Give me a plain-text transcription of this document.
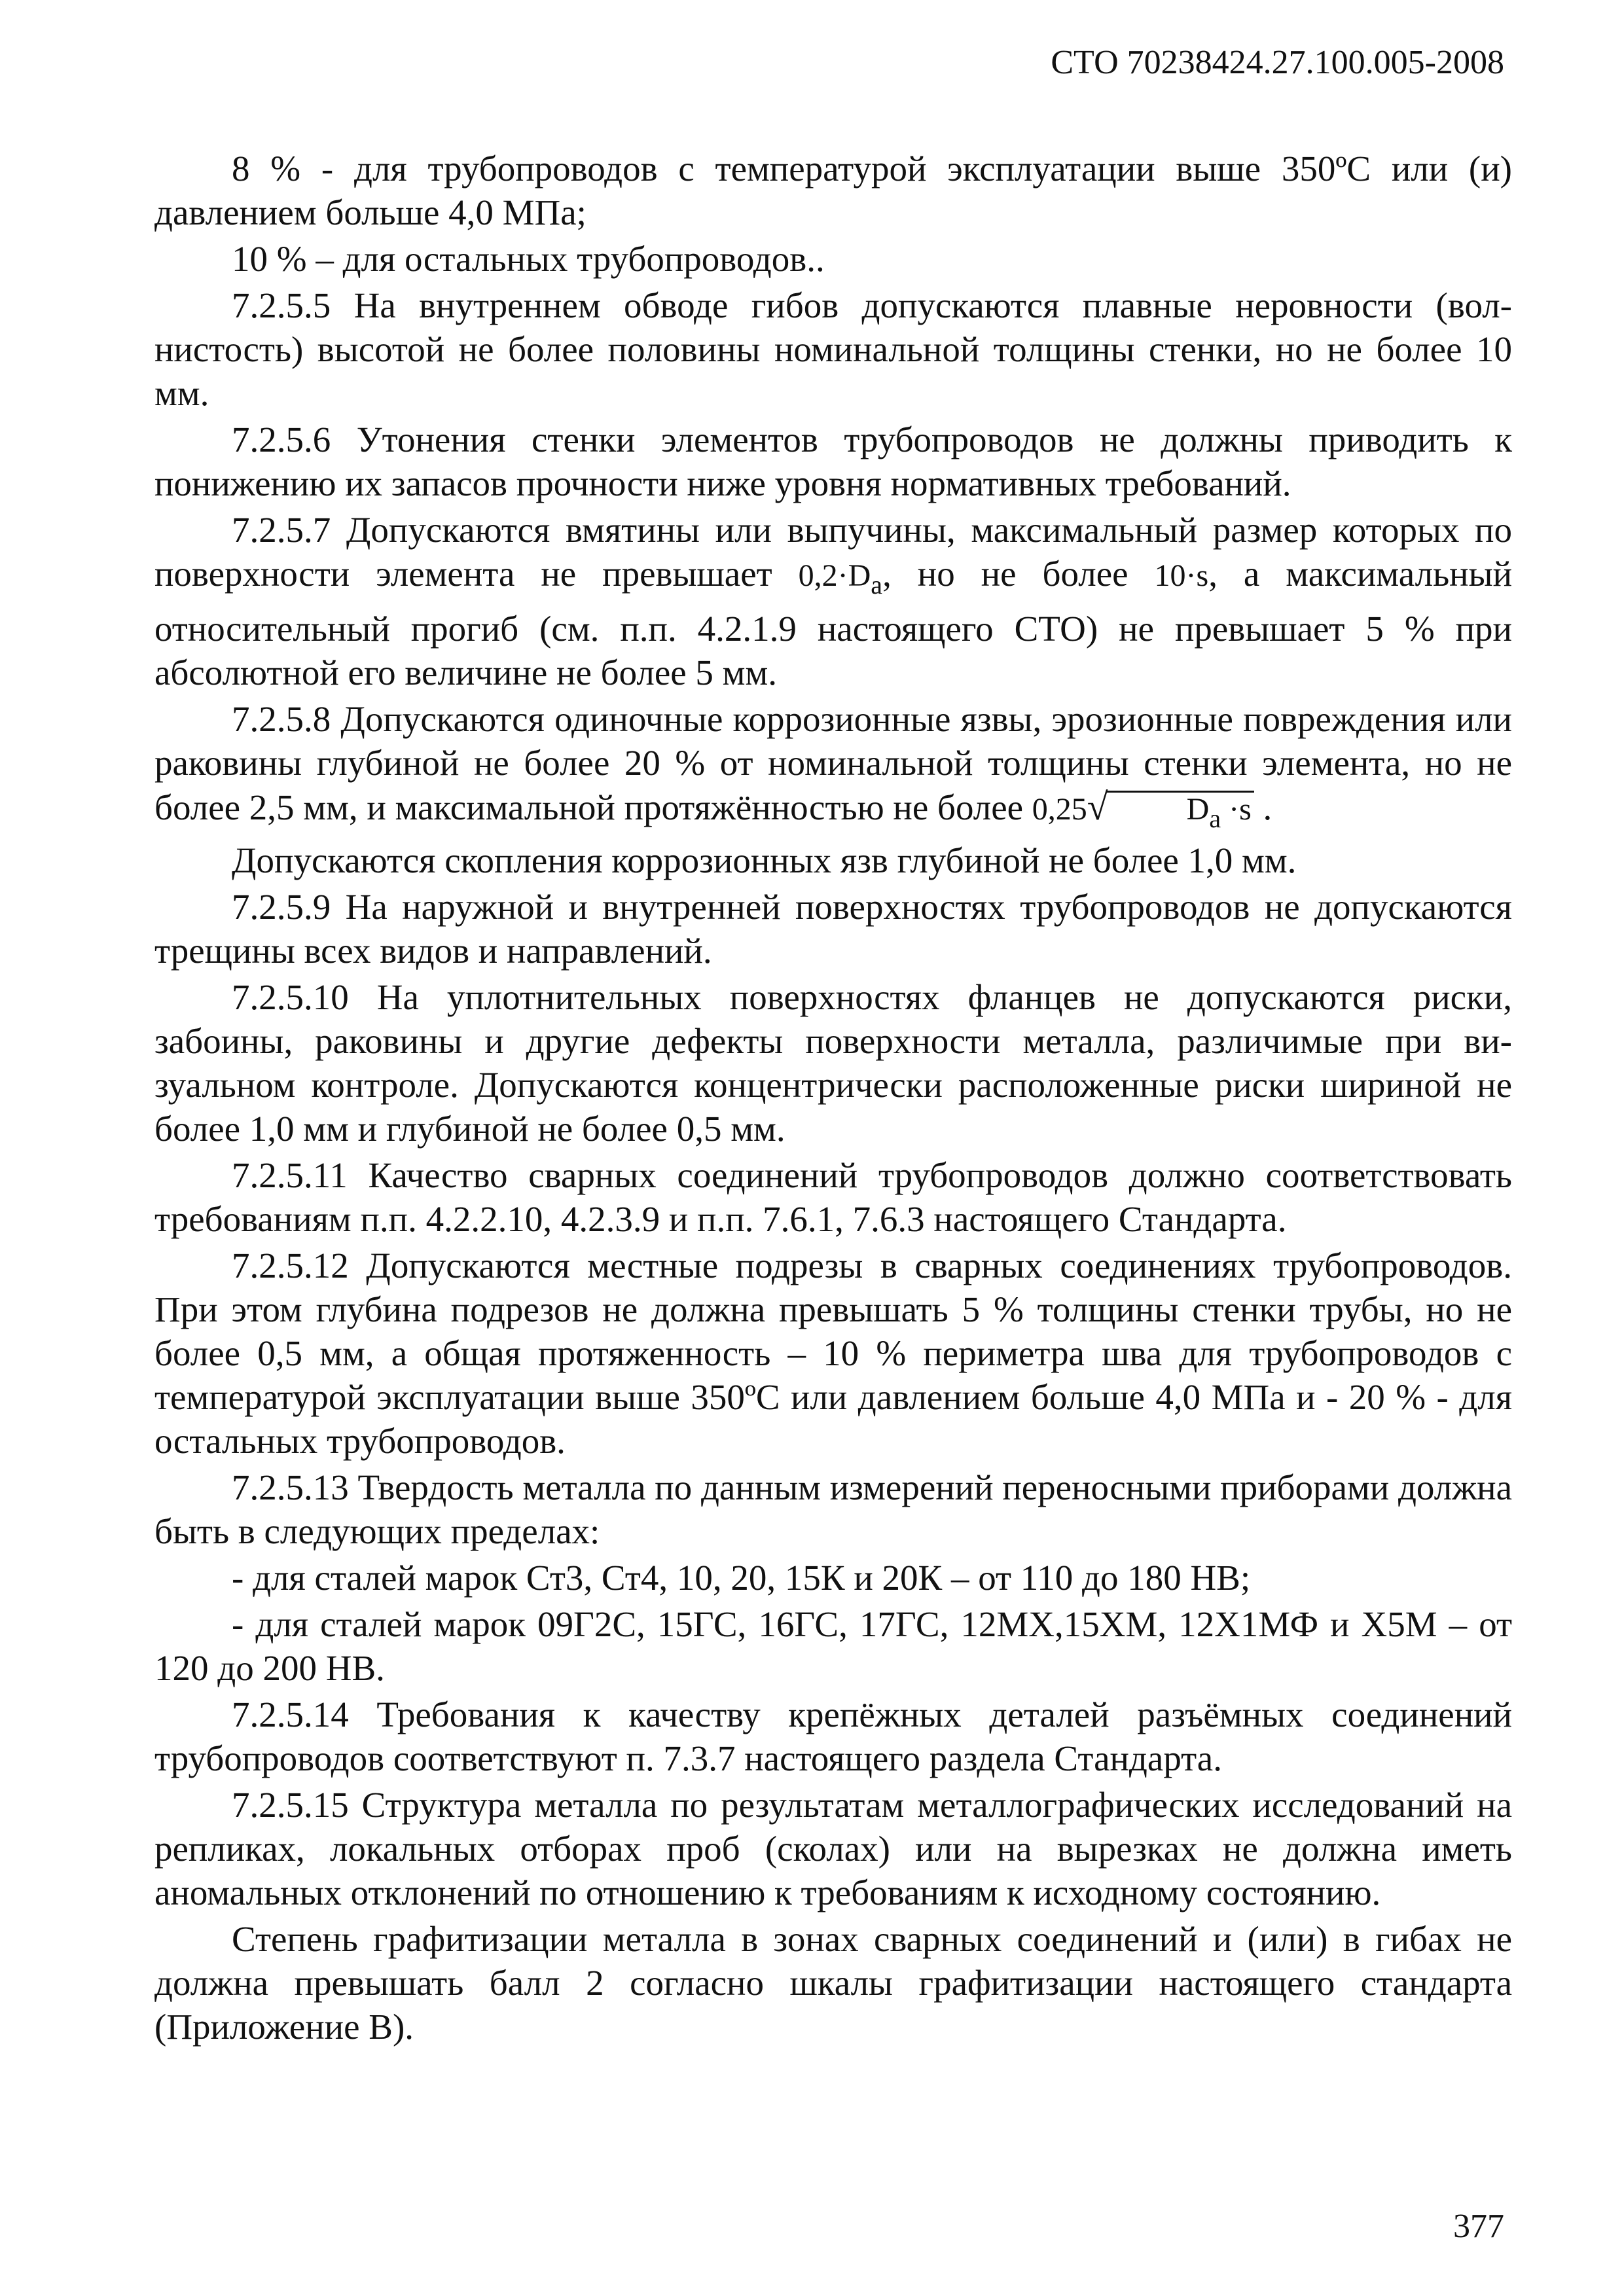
СТО 70238424.27.100.005-2008

8 % - для трубопроводов с температурой эксплуатации выше 350ºС или (и) давлением больше 4,0 МПа;

10 % – для остальных трубопроводов..

7.2.5.5 На внутреннем обводе гибов допускаются плавные неровности (волнистость) высотой не более половины номинальной толщины стенки, но не более 10 мм.

7.2.5.6 Утонения стенки элементов трубопроводов не должны приводить к понижению их запасов прочности ниже уровня нормативных требований.

7.2.5.7 Допускаются вмятины или выпучины, максимальный размер которых по поверхности элемента не превышает $0,2\cdot D_a$, но не более 10·s, а максимальный относительный прогиб (см. п.п. 4.2.1.9 настоящего СТО) не превышает 5 % при абсолютной его величине не более 5 мм.

7.2.5.8 Допускаются одиночные коррозионные язвы, эрозионные повреждения или раковины глубиной не более 20 % от номинальной толщины стенки элемента, но не более 2,5 мм, и максимальной протяжённостью не более 0,25√	$D_a \cdot s$ .

Допускаются скопления коррозионных язв глубиной не более 1,0 мм.

7.2.5.9 На наружной и внутренней поверхностях трубопроводов не допускаются трещины всех видов и направлений.

7.2.5.10 На уплотнительных поверхностях фланцев не допускаются риски, забоины, раковины и другие дефекты поверхности металла, различимые при визуальном контроле. Допускаются концентрически расположенные риски шириной не более 1,0 мм и глубиной не более 0,5 мм.

7.2.5.11 Качество сварных соединений трубопроводов должно соответствовать требованиям п.п. 4.2.2.10, 4.2.3.9 и п.п. 7.6.1, 7.6.3 настоящего Стандарта.

7.2.5.12 Допускаются местные подрезы в сварных соединениях трубопроводов. При этом глубина подрезов не должна превышать 5 % толщины стенки трубы, но не более 0,5 мм, а общая протяженность – 10 % периметра шва для трубопроводов с температурой эксплуатации выше 350ºС или давлением больше 4,0 МПа и - 20 % - для остальных трубопроводов.

7.2.5.13 Твердость металла по данным измерений переносными приборами должна быть в следующих пределах:

- для сталей марок Ст3, Ст4, 10, 20, 15К и 20К – от 110 до 180 НВ;

- для сталей марок 09Г2С, 15ГС, 16ГС, 17ГС, 12МХ,15ХМ, 12Х1МФ и Х5М – от 120 до 200 НВ.

7.2.5.14 Требования к качеству крепёжных деталей разъёмных соединений трубопроводов соответствуют п. 7.3.7 настоящего раздела Стандарта.

7.2.5.15 Структура металла по результатам металлографических исследований на репликах, локальных отборах проб (сколах) или на вырезках не должна иметь аномальных отклонений по отношению к требованиям к исходному состоянию.

Степень графитизации металла в зонах сварных соединений и (или) в гибах не должна превышать балл 2 согласно шкалы графитизации настоящего стандарта (Приложение В).

377
